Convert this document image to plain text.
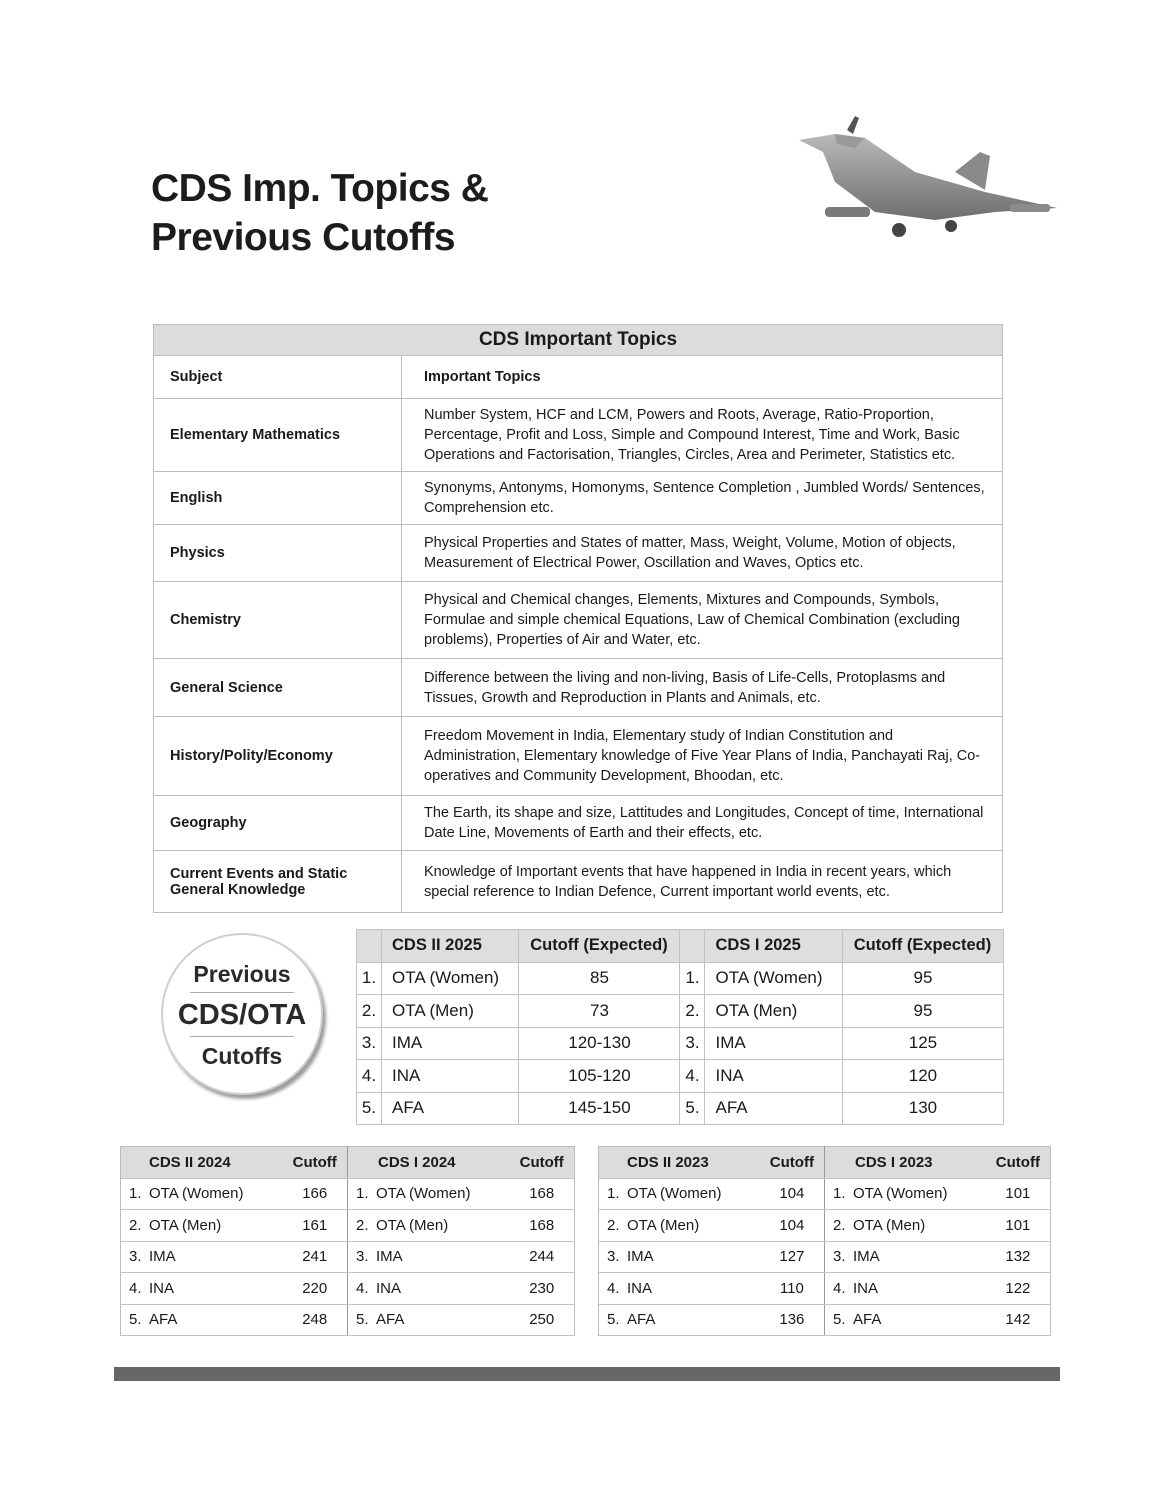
CDS Imp. Topics &
Previous Cutoffs
CDS Important Topics	
Subject	Important Topics
Elementary Mathematics	Number System, HCF and LCM, Powers and Roots, Average, Ratio-Proportion, Percentage, Profit and Loss, Simple and Compound Interest, Time and Work, Basic Operations and Factorisation, Triangles, Circles, Area and Perimeter, Statistics etc.
English	Synonyms, Antonyms, Homonyms, Sentence Completion , Jumbled Words/ Sentences, Comprehension etc.
Physics	Physical Properties and States of matter, Mass, Weight, Volume, Motion of objects, Measurement of Electrical Power, Oscillation and Waves, Optics etc.
Chemistry	Physical and Chemical changes, Elements, Mixtures and Compounds, Symbols, Formulae and simple chemical Equations, Law of Chemical Combination (excluding problems), Properties of Air and Water, etc.
General Science	Difference between the living and non-living, Basis of Life-Cells, Protoplasms and Tissues, Growth and Reproduction in Plants and Animals, etc.
History/Polity/Economy	Freedom Movement in India, Elementary study of Indian Constitution and Administration, Elementary knowledge of Five Year Plans of India, Panchayati Raj, Co-operatives and Community Development, Bhoodan, etc.
Geography	The Earth, its shape and size, Lattitudes and Longitudes, Concept of time, International Date Line, Movements of Earth and their effects, etc.
Current Events and Static General Knowledge	Knowledge of Important events that have happened in India in recent years, which special reference to Indian Defence, Current important world events, etc.
Previous
CDS/OTA
Cutoffs
	CDS II 2025	Cutoff (Expected)		CDS I 2025	Cutoff (Expected)
1.	OTA (Women)	85	1.	OTA (Women)	95
2.	OTA (Men)	73	2.	OTA (Men)	95
3.	IMA	120-130	3.	IMA	125
4.	INA	105-120	4.	INA	120
5.	AFA	145-150	5.	AFA	130
CDS II 2024		Cutoff	CDS I 2024		Cutoff
1.	OTA (Women)	166	1.	OTA (Women)	168
2.	OTA (Men)	161	2.	OTA (Men)	168
3.	IMA	241	3.	IMA	244
4.	INA	220	4.	INA	230
5.	AFA	248	5.	AFA	250
CDS II 2023		Cutoff	CDS I 2023		Cutoff
1.	OTA (Women)	104	1.	OTA (Women)	101
2.	OTA (Men)	104	2.	OTA (Men)	101
3.	IMA	127	3.	IMA	132
4.	INA	110	4.	INA	122
5.	AFA	136	5.	AFA	142
